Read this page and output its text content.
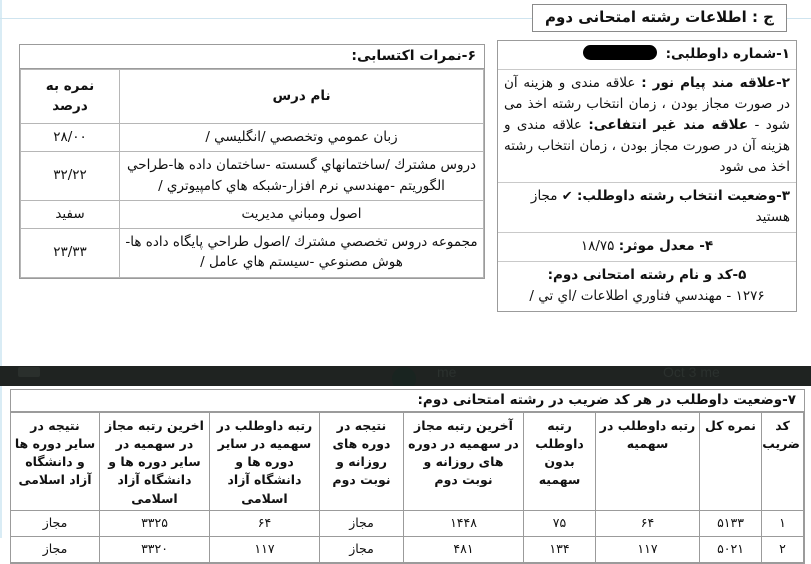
ج : اطلاعات رشته امتحانی دوم
۱-شماره داوطلبی:
۲-علاقه مند پیام نور : علاقه مندی و هزینه آن در صورت مجاز بودن ، زمان انتخاب رشته اخذ می شود - علاقه مند غیر انتفاعی: علاقه مندی و هزینه آن در صورت مجاز بودن ، زمان انتخاب رشته اخذ می شود
۳-وضعیت انتخاب رشته داوطلب: ✔ مجاز هستید
۴- معدل موثر: ۱۸/۷۵
۵-کد و نام رشته امتحانی دوم:
۱۲۷۶ - مهندسي فناوري اطلاعات /اي تي /
۶-نمرات اکتسابی:
نام درس	نمره به درصد
زبان عمومي وتخصصي /انگليسي /	۲۸/۰۰
دروس مشترك /ساختمانهاي گسسته -ساختمان داده ها-طراحي الگوريتم -مهندسي نرم افزار-شبكه هاي كامپيوتري /	۳۲/۲۲
اصول ومباني مديريت	سفيد
مجموعه دروس تخصصي مشترك /اصول طراحي پايگاه داده ها-هوش مصنوعي -سيستم هاي عامل /	۲۳/۳۳
me	Oct 3 me
۷-وضعیت داوطلب در هر کد ضریب در رشته امتحانی دوم:
کد ضریب	نمره کل	رتبه داوطلب در سهمیه	رتبه داوطلب بدون سهمیه	آخرین رتبه مجاز در سهمیه در دوره های روزانه و نوبت دوم	نتیجه در دوره های روزانه و نوبت دوم	رتبه داوطلب در سهمیه در سایر دوره ها و دانشگاه آزاد اسلامی	اخرین رتبه مجاز در سهمیه در سایر دوره ها و دانشگاه آزاد اسلامی	نتیجه در سایر دوره ها و دانشگاه آزاد اسلامی
۱	۵۱۳۳	۶۴	۷۵	۱۴۴۸	مجاز	۶۴	۳۳۲۵	مجاز
۲	۵۰۲۱	۱۱۷	۱۳۴	۴۸۱	مجاز	۱۱۷	۳۳۲۰	مجاز
